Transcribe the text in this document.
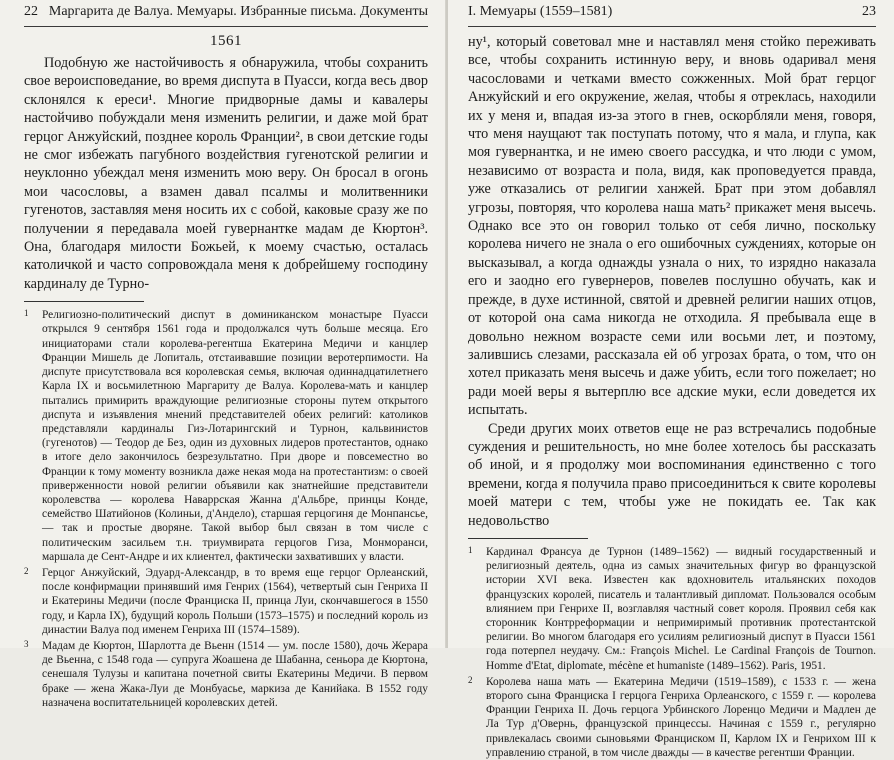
22 Маргарита де Валуа. Мемуары. Избранные письма. Документы
1561

Подобную же настойчивость я обнаружила, чтобы сохранить свое вероисповедание, во время диспута в Пуасси, когда весь двор склонялся к ереси¹. Многие придворные дамы и кавалеры настойчиво побуждали меня изменить религии, и даже мой брат герцог Анжуйский, позднее король Франции², в свои детские годы не смог избежать пагубного воздействия гугенотской религии и неуклонно убеждал меня изменить мою веру. Он бросал в огонь мои часословы, а взамен давал псалмы и молитвенники гугенотов, заставляя меня носить их с собой, каковые сразу же по получении я передавала моей гувернантке мадам де Кюртон³. Она, благодаря милости Божьей, к моему счастью, осталась католичкой и часто сопровождала меня к добрейшему господину кардиналу де Турно-

1 Религиозно-политический диспут в доминиканском монастыре Пуасси открылся 9 сентября 1561 года и продолжался чуть больше месяца. Его инициаторами стали королева-регентша Екатерина Медичи и канцлер Франции Мишель де Лопиталь, отстаивавшие позиции веротерпимости. На диспуте присутствовала вся королевская семья, включая одиннадцатилетнего Карла IX и восьмилетнюю Маргариту де Валуа. Королева-мать и канцлер пытались примирить враждующие религиозные стороны путем открытого диспута и изъявления мнений представителей обеих религий: католиков представляли кардиналы Гиз-Лотарингский и Турнон, кальвинистов (гугенотов) — Теодор де Без, один из духовных лидеров протестантов, однако в итоге дело закончилось безрезультатно. При дворе и повсеместно во Франции к тому моменту возникла даже некая мода на протестантизм: о своей приверженности новой религии объявили как знатнейшие представители королевства — королева Наваррская Жанна д'Альбре, принцы Конде, семейство Шатийонов (Колиньи, д'Андело), старшая герцогиня де Монпансье, — так и простые дворяне. Такой выбор был связан в том числе с политическим засильем т.н. триумвирата герцогов Гиза, Монморанси, маршала де Сент-Андре и их клиентел, фактически захвативших у власти.
2 Герцог Анжуйский, Эдуард-Александр, в то время еще герцог Орлеанский, после конфирмации принявший имя Генрих (1564), четвертый сын Генриха II и Екатерины Медичи (после Франциска II, принца Луи, скончавшегося в 1550 году, и Карла IX), будущий король Польши (1573–1575) и последний король из династии Валуа под именем Генриха III (1574–1589).
3 Мадам де Кюртон, Шарлотта де Вьенн (1514 — ум. после 1580), дочь Жерара де Вьенна, с 1548 года — супруга Жоашена де Шабанна, сеньора де Кюртона, сенешаля Тулузы и капитана почетной свиты Екатерины Медичи. В первом браке — жена Жака-Луи де Монбуасье, маркиза де Канийака. В 1552 году назначена воспитательницей королевских детей.
I. Мемуары (1559–1581)	23

ну¹, который советовал мне и наставлял меня стойко переживать все, чтобы сохранить истинную веру, и вновь одаривал меня часословами и четками вместо сожженных. Мой брат герцог Анжуйский и его окружение, желая, чтобы я отреклась, находили их у меня и, впадая из-за этого в гнев, оскорбляли меня, говоря, что меня наущают так поступать потому, что я мала, и глупа, как моя гувернантка, и не имею своего рассудка, и что люди с умом, независимо от возраста и пола, видя, как проповедуется правда, уже отказались от религии ханжей. Брат при этом добавлял угрозы, повторяя, что королева наша мать² прикажет меня высечь. Однако все это он говорил только от себя лично, поскольку королева ничего не знала о его ошибочных суждениях, которые он высказывал, а когда однажды узнала о них, то изрядно наказала его и заодно его гувернеров, повелев послушно обучать, как и прежде, в духе истинной, святой и древней религии наших отцов, от которой она сама никогда не отходила. Я пребывала еще в довольно нежном возрасте семи или восьми лет, и поэтому, залившись слезами, рассказала ей об угрозах брата, о том, что он хотел приказать меня высечь и даже убить, если того пожелает; но ради моей веры я вытерплю все адские муки, если доведется их испытать.

Среди других моих ответов еще не раз встречались подобные суждения и решительность, но мне более хотелось бы рассказать об иной, и я продолжу мои воспоминания единственно с того времени, когда я получила право присоединиться к свите королевы моей матери с тем, чтобы уже не покидать ее. Так как недовольство

1 Кардинал Франсуа де Турнон (1489–1562) — видный государственный и религиозный деятель, одна из самых значительных фигур во французской истории XVI века. Известен как вдохновитель итальянских походов французских королей, писатель и талантливый дипломат. Пользовался особым влиянием при Генрихе II, возглавляя частный совет короля. Проявил себя как сторонник Контрреформации и непримиримый противник протестантской религии. Во многом благодаря его усилиям религиозный диспут в Пуасси 1561 года потерпел неудачу. См.: François Michel. Le Cardinal François de Tournon. Homme d'Etat, diplomate, mécène et humaniste (1489–1562). Paris, 1951.
2 Королева наша мать — Екатерина Медичи (1519–1589), с 1533 г. — жена второго сына Франциска I герцога Генриха Орлеанского, с 1559 г. — королева Франции Генриха II. Дочь герцога Урбинского Лоренцо Медичи и Мадлен де Ла Тур д'Овернь, французской принцессы. Начиная с 1559 г., регулярно привлекалась своими сыновьями Франциском II, Карлом IX и Генрихом III к управлению страной, в том числе дважды — в качестве регентши Франции.
